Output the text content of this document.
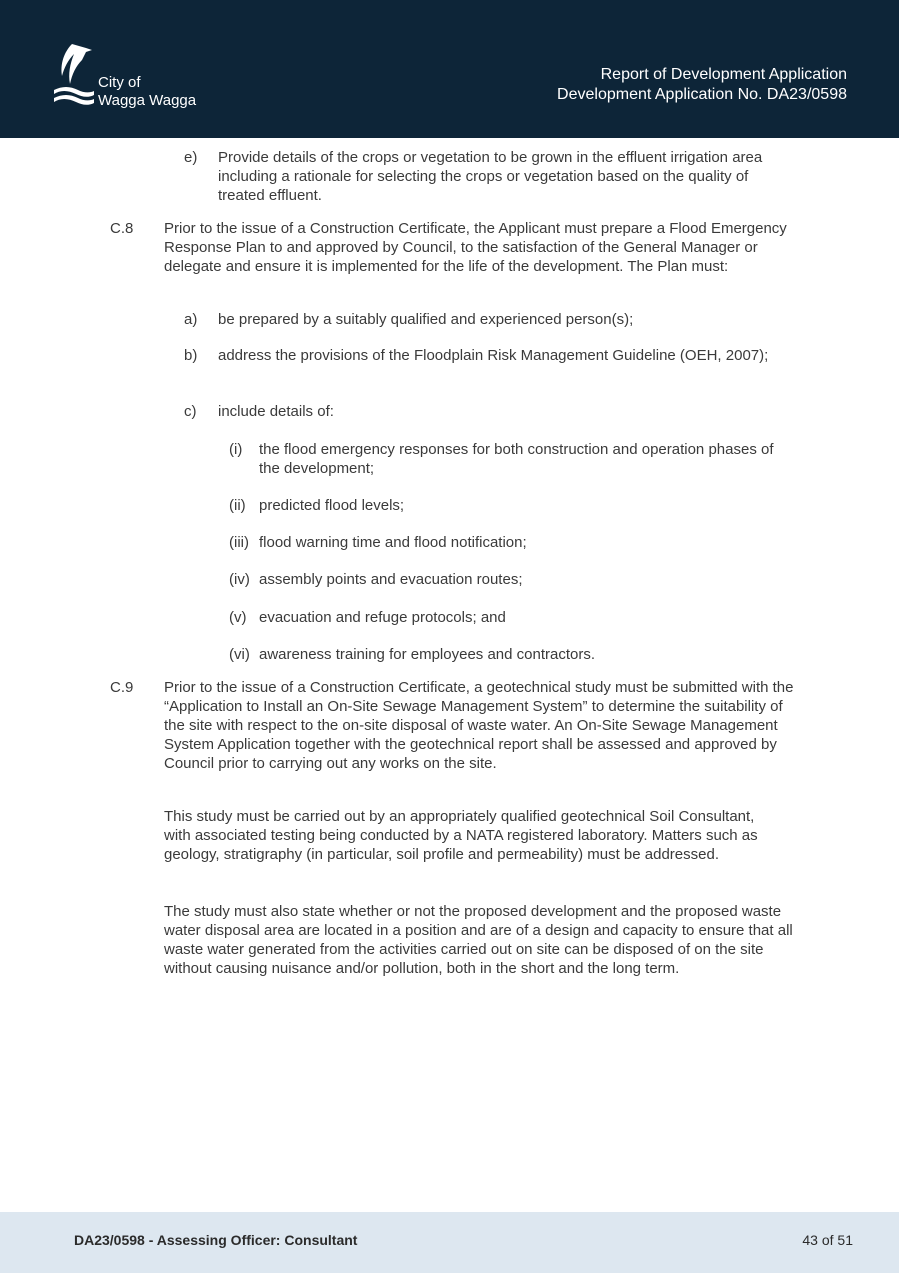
City of
Wagga Wagga
Report of Development Application
Development Application No. DA23/0598
e) Provide details of the crops or vegetation to be grown in the effluent irrigation area including a rationale for selecting the crops or vegetation based on the quality of treated effluent.
C.8 Prior to the issue of a Construction Certificate, the Applicant must prepare a Flood Emergency Response Plan to and approved by Council, to the satisfaction of the General Manager or delegate and ensure it is implemented for the life of the development. The Plan must:
a) be prepared by a suitably qualified and experienced person(s);
b) address the provisions of the Floodplain Risk Management Guideline (OEH, 2007);
c) include details of:
(i) the flood emergency responses for both construction and operation phases of the development;
(ii) predicted flood levels;
(iii) flood warning time and flood notification;
(iv) assembly points and evacuation routes;
(v) evacuation and refuge protocols; and
(vi) awareness training for employees and contractors.
C.9 Prior to the issue of a Construction Certificate, a geotechnical study must be submitted with the “Application to Install an On-Site Sewage Management System” to determine the suitability of the site with respect to the on-site disposal of waste water. An On-Site Sewage Management System Application together with the geotechnical report shall be assessed and approved by Council prior to carrying out any works on the site.
This study must be carried out by an appropriately qualified geotechnical Soil Consultant, with associated testing being conducted by a NATA registered laboratory. Matters such as geology, stratigraphy (in particular, soil profile and permeability) must be addressed.
The study must also state whether or not the proposed development and the proposed waste water disposal area are located in a position and are of a design and capacity to ensure that all waste water generated from the activities carried out on site can be disposed of on the site without causing nuisance and/or pollution, both in the short and the long term.
DA23/0598 - Assessing Officer: Consultant	43 of 51
